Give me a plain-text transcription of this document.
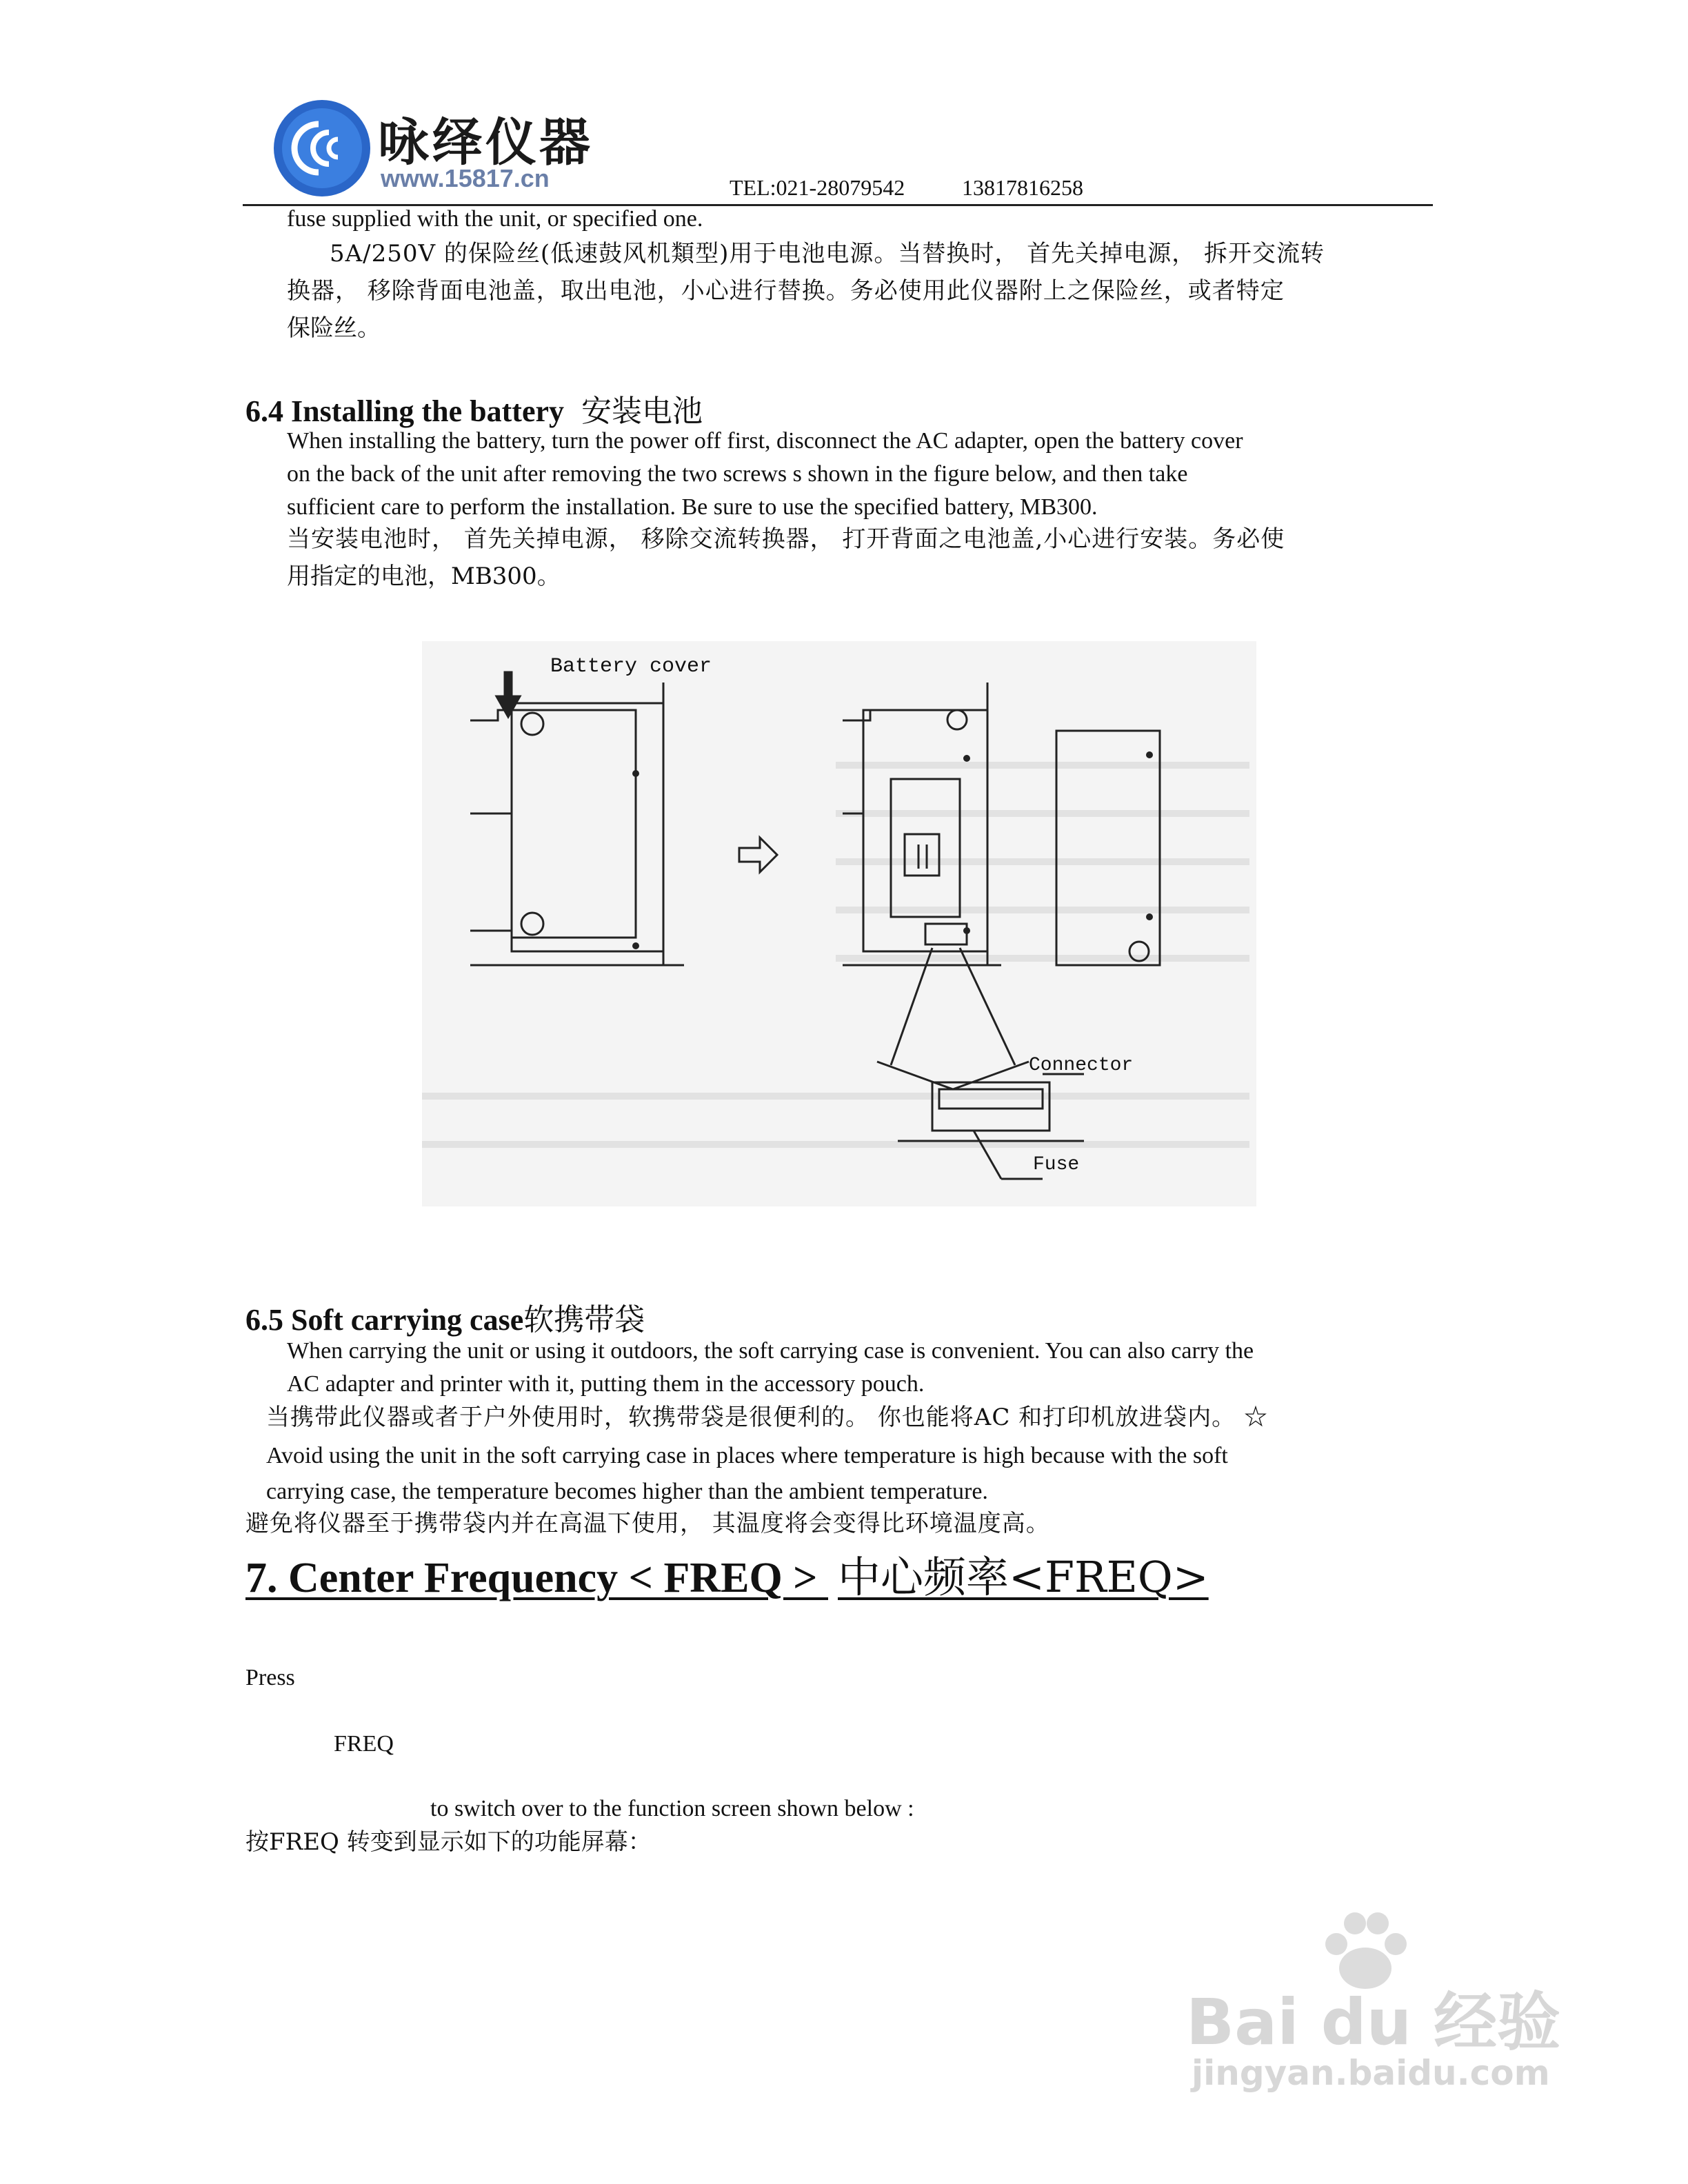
咏绎仪器
www.15817.cn	TEL:021-28079542	13817816258
fuse supplied with the unit, or specified one.
5A/250V 的保险丝(低速鼓风机類型)用于电池电源。当替换时， 首先关掉电源， 拆开交流转
换器， 移除背面电池盖，取出电池，小心进行替换。务必使用此仪器附上之保险丝，或者特定
保险丝。
6.4 Installing the battery 安装电池
When installing the battery, turn the power off first, disconnect the AC adapter, open the battery cover
on the back of the unit after removing the two screws s shown in the figure below, and then take
sufficient care to perform the installation. Be sure to use the specified battery, MB300.
当安装电池时， 首先关掉电源， 移除交流转换器， 打开背面之电池盖,小心进行安装。务必使
用指定的电池，MB300。
Battery cover
Connector
Fuse
6.5 Soft carrying case软携带袋
When carrying the unit or using it outdoors, the soft carrying case is convenient. You can also carry the
AC adapter and printer with it, putting them in the accessory pouch.
当携带此仪器或者于户外使用时，软携带袋是很便利的。 你也能将AC 和打印机放进袋内。 ☆
Avoid using the unit in the soft carrying case in places where temperature is high because with the soft
carrying case, the temperature becomes higher than the ambient temperature.
避免将仪器至于携带袋内并在高温下使用， 其温度将会变得比环境温度高。
7. Center Frequency < FREQ > 中心频率<FREQ>
Press
FREQ
to switch over to the function screen shown below :
按FREQ 转变到显示如下的功能屏幕：
Bai du 经验
jingyan.baidu.com
